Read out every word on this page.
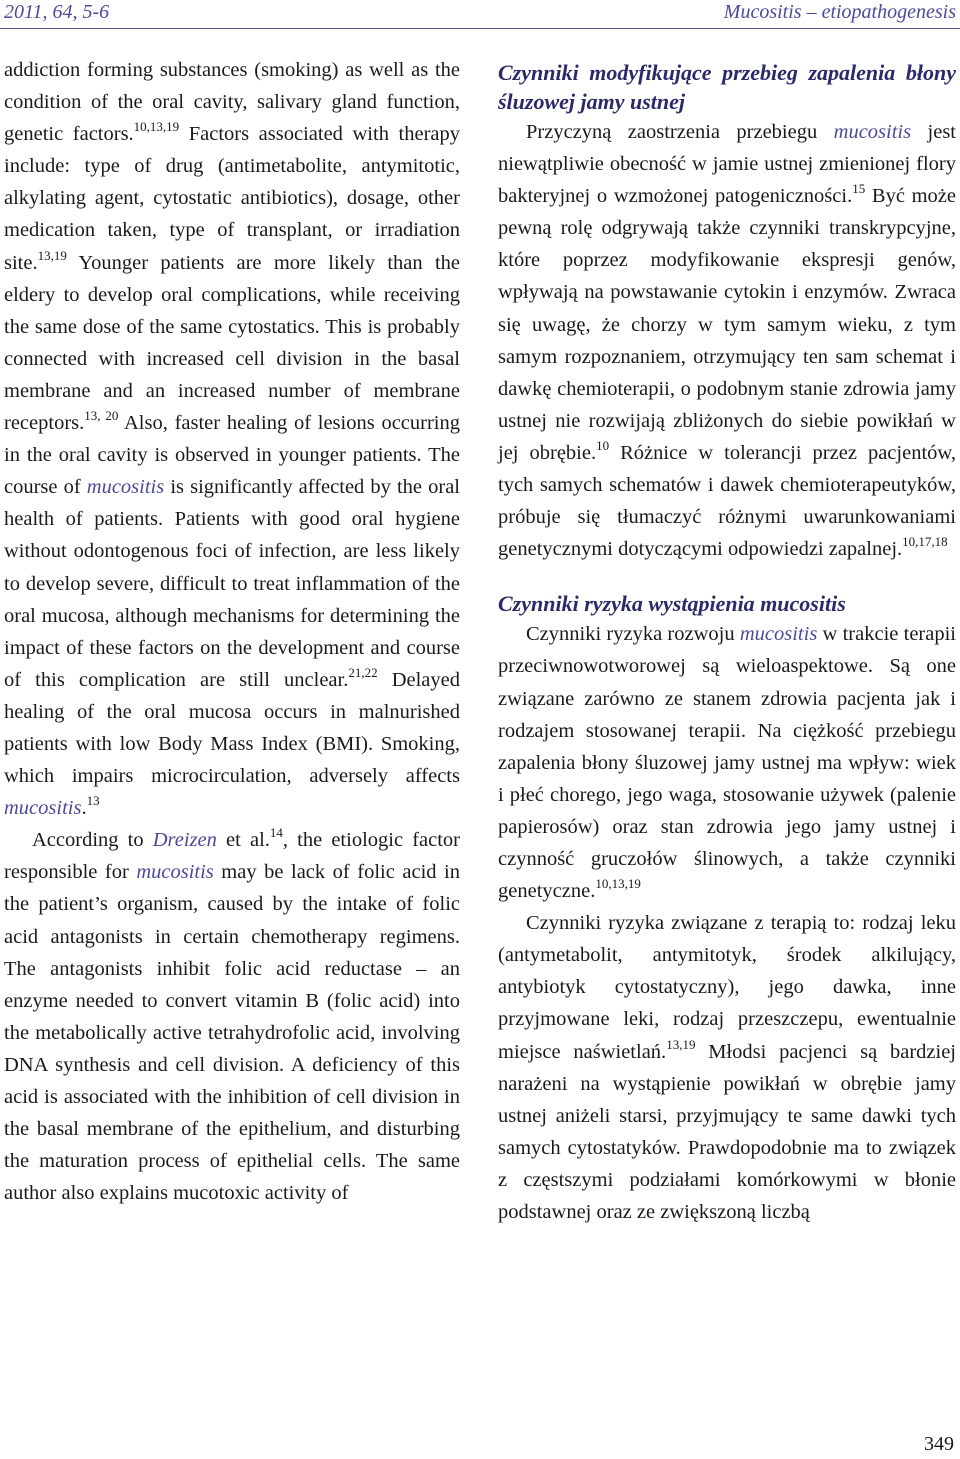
2011, 64, 5-6	Mucositis – etiopathogenesis

addiction forming substances (smoking) as well as the condition of the oral cavity, salivary gland function, genetic factors.$^{10,13,19}$ Factors associated with therapy include: type of drug (antimetabolite, antymitotic, alkylating agent, cytostatic antibiotics), dosage, other medication taken, type of transplant, or irradiation site.$^{13,19}$ Younger patients are more likely than the eldery to develop oral complications, while receiving the same dose of the same cytostatics. This is probably connected with increased cell division in the basal membrane and an increased number of membrane receptors.$^{13, 20}$ Also, faster healing of lesions occurring in the oral cavity is observed in younger patients. The course of mucositis is significantly affected by the oral health of patients. Patients with good oral hygiene without odontogenous foci of infection, are less likely to develop severe, difficult to treat inflammation of the oral mucosa, although mechanisms for determining the impact of these factors on the development and course of this complication are still unclear.$^{21,22}$ Delayed healing of the oral mucosa occurs in malnurished patients with low Body Mass Index (BMI). Smoking, which impairs microcirculation, adversely affects mucositis.$^{13}$

According to Dreizen et al.$^{14}$, the etiologic factor responsible for mucositis may be lack of folic acid in the patient’s organism, caused by the intake of folic acid antagonists in certain chemotherapy regimens. The antagonists inhibit folic acid reductase – an enzyme needed to convert vitamin B (folic acid) into the metabolically active tetrahydrofolic acid, involving DNA synthesis and cell division. A deficiency of this acid is associated with the inhibition of cell division in the basal membrane of the epithelium, and disturbing the maturation process of epithelial cells. The same author also explains mucotoxic activity of

Czynniki modyfikujące przebieg zapalenia błony śluzowej jamy ustnej

Przyczyną zaostrzenia przebiegu mucositis jest niewątpliwie obecność w jamie ustnej zmienionej flory bakteryjnej o wzmożonej patogeniczności.$^{15}$ Być może pewną rolę odgrywają także czynniki transkrypcyjne, które poprzez modyfikowanie ekspresji genów, wpływają na powstawanie cytokin i enzymów. Zwraca się uwagę, że chorzy w tym samym wieku, z tym samym rozpoznaniem, otrzymujący ten sam schemat i dawkę chemioterapii, o podobnym stanie zdrowia jamy ustnej nie rozwijają zbliżonych do siebie powikłań w jej obrębie.$^{10}$ Różnice w tolerancji przez pacjentów, tych samych schematów i dawek chemioterapeutyków, próbuje się tłumaczyć różnymi uwarunkowaniami genetycznymi dotyczącymi odpowiedzi zapalnej.$^{10,17,18}$

Czynniki ryzyka wystąpienia mucositis

Czynniki ryzyka rozwoju mucositis w trakcie terapii przeciwnowotworowej są wieloaspektowe. Są one związane zarówno ze stanem zdrowia pacjenta jak i rodzajem stosowanej terapii. Na ciężkość przebiegu zapalenia błony śluzowej jamy ustnej ma wpływ: wiek i płeć chorego, jego waga, stosowanie używek (palenie papierosów) oraz stan zdrowia jego jamy ustnej i czynność gruczołów ślinowych, a także czynniki genetyczne.$^{10,13,19}$

Czynniki ryzyka związane z terapią to: rodzaj leku (antymetabolit, antymitotyk, środek alkilujący, antybiotyk cytostatyczny), jego dawka, inne przyjmowane leki, rodzaj przeszczepu, ewentualnie miejsce naświetlań.$^{13,19}$ Młodsi pacjenci są bardziej narażeni na wystąpienie powikłań w obrębie jamy ustnej aniżeli starsi, przyjmujący te same dawki tych samych cytostatyków. Prawdopodobnie ma to związek z częstszymi podziałami komórkowymi w błonie podstawnej oraz ze zwiększoną liczbą

349
